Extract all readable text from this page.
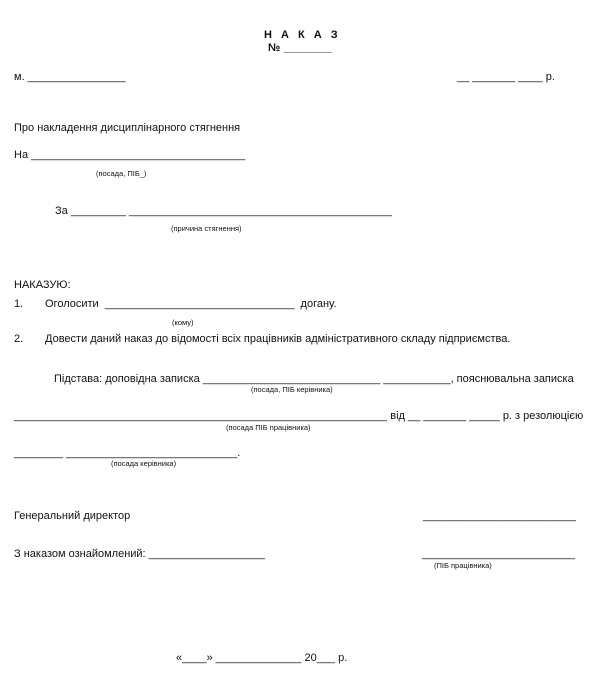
Н А К А З
№ ________
м. ________________	__ _______ ____ р.
Про накладення дисциплінарного стягнення
На ___________________________________
(посада, ПІБ_)
За _________ ___________________________________________
(причина стягнення)
НАКАЗУЮ:
1. Оголосити  _______________________________  догану.
(кому)
2. Довести даний наказ до відомості всіх працівників адміністративного складу підприємства.
Підстава: доповідна записка _____________________________ ___________, пояснювальна записка
(посада, ПІБ керівника)
_____________________________________________________________ від __ _______ _____ р. з резолюцією
(посада ПІБ працівника)
________ ____________________________.
(посада керівника)
Генеральний директор	_________________________
З наказом ознайомлений: ___________________	_________________________
(ПІБ працівника)
«____» ______________ 20___ р.
